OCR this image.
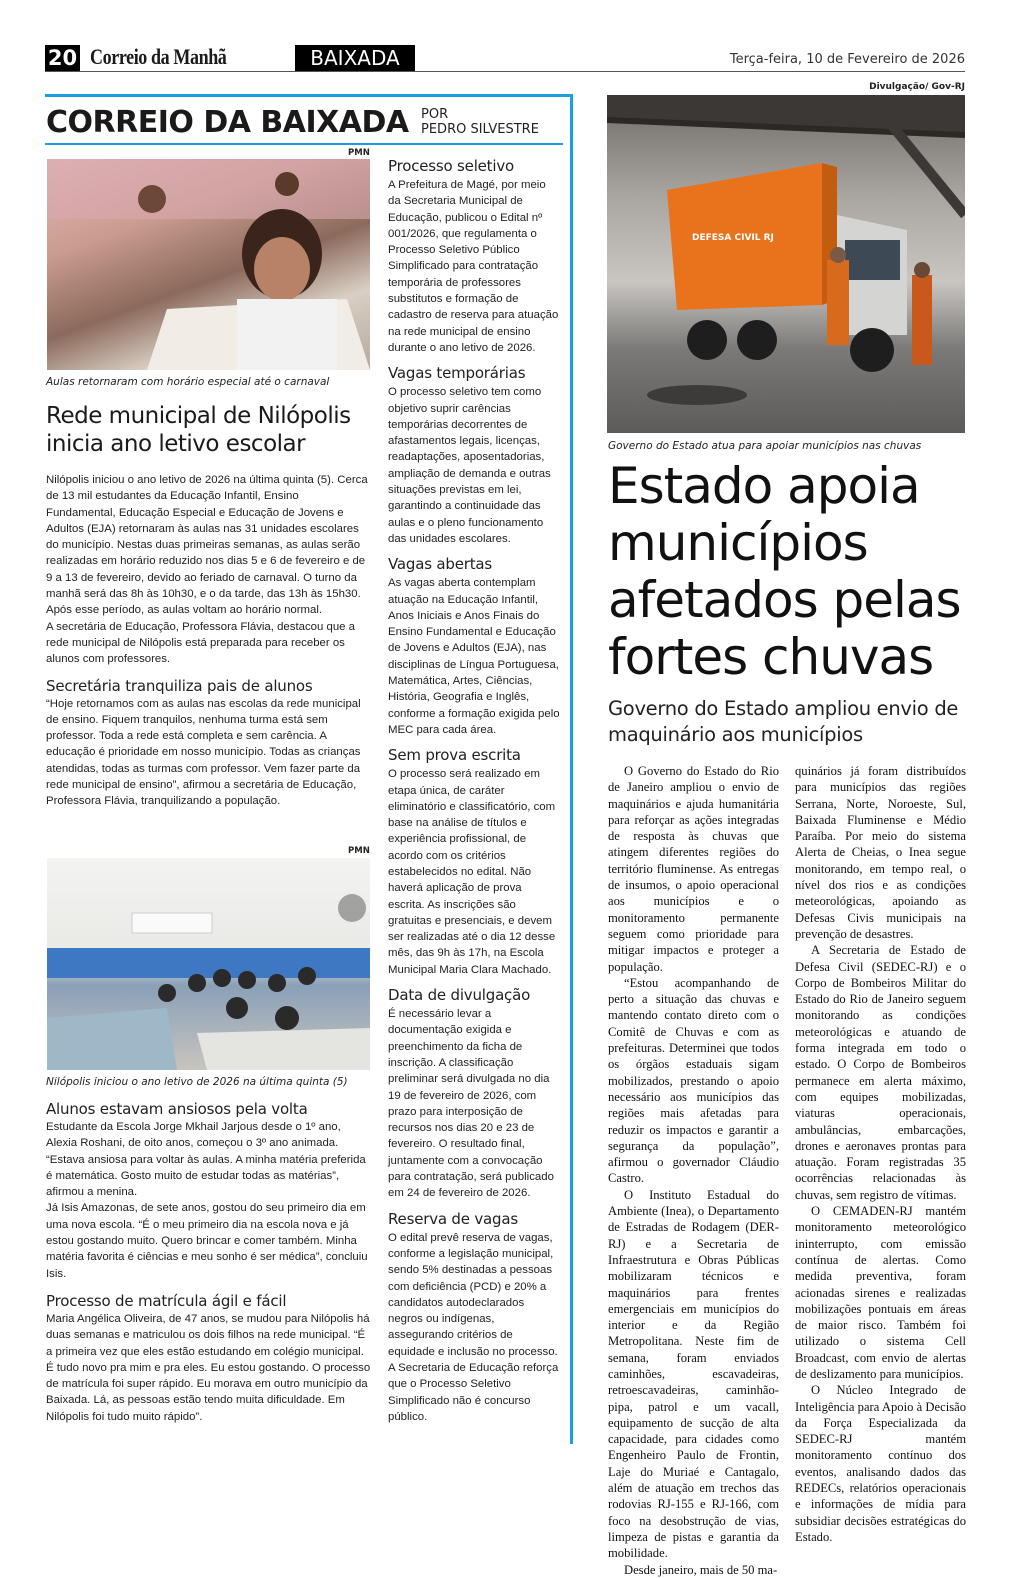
20 Correio da Manhã	BAIXADA	Terça-feira, 10 de Fevereiro de 2026
CORREIO DA BAIXADA POR
PEDRO SILVESTRE
PMN
Aulas retornaram com horário especial até o carnaval
Rede municipal de Nilópolis inicia ano letivo escolar

Nilópolis iniciou o ano letivo de 2026 na última quinta (5). Cerca de 13 mil estudantes da Educação Infantil, Ensino Fundamental, Educação Especial e Educação de Jovens e Adultos (EJA) retornaram às aulas nas 31 unidades escolares do município. Nestas duas primeiras semanas, as aulas serão realizadas em horário reduzido nos dias 5 e 6 de fevereiro e de 9 a 13 de fevereiro, devido ao feriado de carnaval. O turno da manhã será das 8h às 10h30, e o da tarde, das 13h às 15h30. Após esse período, as aulas voltam ao horário normal.

A secretária de Educação, Professora Flávia, destacou que a rede municipal de Nilópolis está preparada para receber os alunos com professores.

Secretária tranquiliza pais de alunos

“Hoje retornamos com as aulas nas escolas da rede municipal de ensino. Fiquem tranquilos, nenhuma turma está sem professor. Toda a rede está completa e sem carência. A educação é prioridade em nosso município. Todas as crianças atendidas, todas as turmas com professor. Vem fazer parte da rede municipal de ensino”, afirmou a secretária de Educação, Professora Flávia, tranquilizando a população.

PMN
Nilópolis iniciou o ano letivo de 2026 na última quinta (5)
Alunos estavam ansiosos pela volta

Estudante da Escola Jorge Mkhail Jarjous desde o 1º ano, Alexia Roshani, de oito anos, começou o 3º ano animada. “Estava ansiosa para voltar às aulas. A minha matéria preferida é matemática. Gosto muito de estudar todas as matérias”, afirmou a menina.

Já Isis Amazonas, de sete anos, gostou do seu primeiro dia em uma nova escola. “É o meu primeiro dia na escola nova e já estou gostando muito. Quero brincar e comer também. Minha matéria favorita é ciências e meu sonho é ser médica”, concluiu Isis.

Processo de matrícula ágil e fácil

Maria Angélica Oliveira, de 47 anos, se mudou para Nilópolis há duas semanas e matriculou os dois filhos na rede municipal. “É a primeira vez que eles estão estudando em colégio municipal. É tudo novo pra mim e pra eles. Eu estou gostando. O processo de matrícula foi super rápido. Eu morava em outro município da Baixada. Lá, as pessoas estão tendo muita dificuldade. Em Nilópolis foi tudo muito rápido”.

Processo seletivo

A Prefeitura de Magé, por meio da Secretaria Municipal de Educação, publicou o Edital nº 001/2026, que regulamenta o Processo Seletivo Público Simplificado para contratação temporária de professores substitutos e formação de cadastro de reserva para atuação na rede municipal de ensino durante o ano letivo de 2026.

Vagas temporárias

O processo seletivo tem como objetivo suprir carências temporárias decorrentes de afastamentos legais, licenças, readaptações, aposentadorias, ampliação de demanda e outras situações previstas em lei, garantindo a continuidade das aulas e o pleno funcionamento das unidades escolares.

Vagas abertas

As vagas aberta contemplam atuação na Educação Infantil, Anos Iniciais e Anos Finais do Ensino Fundamental e Educação de Jovens e Adultos (EJA), nas disciplinas de Língua Portuguesa, Matemática, Artes, Ciências, História, Geografia e Inglês, conforme a formação exigida pelo MEC para cada área.

Sem prova escrita

O processo será realizado em etapa única, de caráter eliminatório e classificatório, com base na análise de títulos e experiência profissional, de acordo com os critérios estabelecidos no edital. Não haverá aplicação de prova escrita. As inscrições são gratuitas e presenciais, e devem ser realizadas até o dia 12 desse mês, das 9h às 17h, na Escola Municipal Maria Clara Machado.

Data de divulgação

É necessário levar a documentação exigida e preenchimento da ficha de inscrição. A classificação preliminar será divulgada no dia 19 de fevereiro de 2026, com prazo para interposição de recursos nos dias 20 e 23 de fevereiro. O resultado final, juntamente com a convocação para contratação, será publicado em 24 de fevereiro de 2026.

Reserva de vagas

O edital prevê reserva de vagas, conforme a legislação municipal, sendo 5% destinadas a pessoas com deficiência (PCD) e 20% a candidatos autodeclarados negros ou indígenas, assegurando critérios de equidade e inclusão no processo. A Secretaria de Educação reforça que o Processo Seletivo Simplificado não é concurso público.

Divulgação/ Gov-RJ
DEFESA CIVIL RJ
Governo do Estado atua para apoiar municípios nas chuvas
Estado apoia municípios afetados pelas fortes chuvas
Governo do Estado ampliou envio de maquinário aos municípios

O Governo do Estado do Rio de Janeiro ampliou o envio de maquinários e ajuda humanitária para reforçar as ações integradas de resposta às chuvas que atingem diferentes regiões do território fluminense. As entregas de insumos, o apoio operacional aos municípios e o monitoramento permanente seguem como prioridade para mitigar impactos e proteger a população.

“Estou acompanhando de perto a situação das chuvas e mantendo contato direto com o Comitê de Chuvas e com as prefeituras. Determinei que todos os órgãos estaduais sigam mobilizados, prestando o apoio necessário aos municípios das regiões mais afetadas para reduzir os impactos e garantir a segurança da população”, afirmou o governador Cláudio Castro.

O Instituto Estadual do Ambiente (Inea), o Departamento de Estradas de Rodagem (DER-RJ) e a Secretaria de Infraestrutura e Obras Públicas mobilizaram técnicos e maquinários para frentes emergenciais em municípios do interior e da Região Metropolitana. Neste fim de semana, foram enviados caminhões, escavadeiras, retroescavadeiras, caminhão-pipa, patrol e um vacall, equipamento de sucção de alta capacidade, para cidades como Engenheiro Paulo de Frontin, Laje do Muriaé e Cantagalo, além de atuação em trechos das rodovias RJ-155 e RJ-166, com foco na desobstrução de vias, limpeza de pistas e garantia da mobilidade.

Desde janeiro, mais de 50 ma-

quinários já foram distribuídos para municípios das regiões Serrana, Norte, Noroeste, Sul, Baixada Fluminense e Médio Paraíba. Por meio do sistema Alerta de Cheias, o Inea segue monitorando, em tempo real, o nível dos rios e as condições meteorológicas, apoiando as Defesas Civis municipais na prevenção de desastres.

A Secretaria de Estado de Defesa Civil (SEDEC-RJ) e o Corpo de Bombeiros Militar do Estado do Rio de Janeiro seguem monitorando as condições meteorológicas e atuando de forma integrada em todo o estado. O Corpo de Bombeiros permanece em alerta máximo, com equipes mobilizadas, viaturas operacionais, ambulâncias, embarcações, drones e aeronaves prontas para atuação. Foram registradas 35 ocorrências relacionadas às chuvas, sem registro de vítimas.

O CEMADEN-RJ mantém monitoramento meteorológico ininterrupto, com emissão contínua de alertas. Como medida preventiva, foram acionadas sirenes e realizadas mobilizações pontuais em áreas de maior risco. Também foi utilizado o sistema Cell Broadcast, com envio de alertas de deslizamento para municípios.

O Núcleo Integrado de Inteligência para Apoio à Decisão da Força Especializada da SEDEC-RJ mantém monitoramento contínuo dos eventos, analisando dados das REDECs, relatórios operacionais e informações de mídia para subsidiar decisões estratégicas do Estado.
